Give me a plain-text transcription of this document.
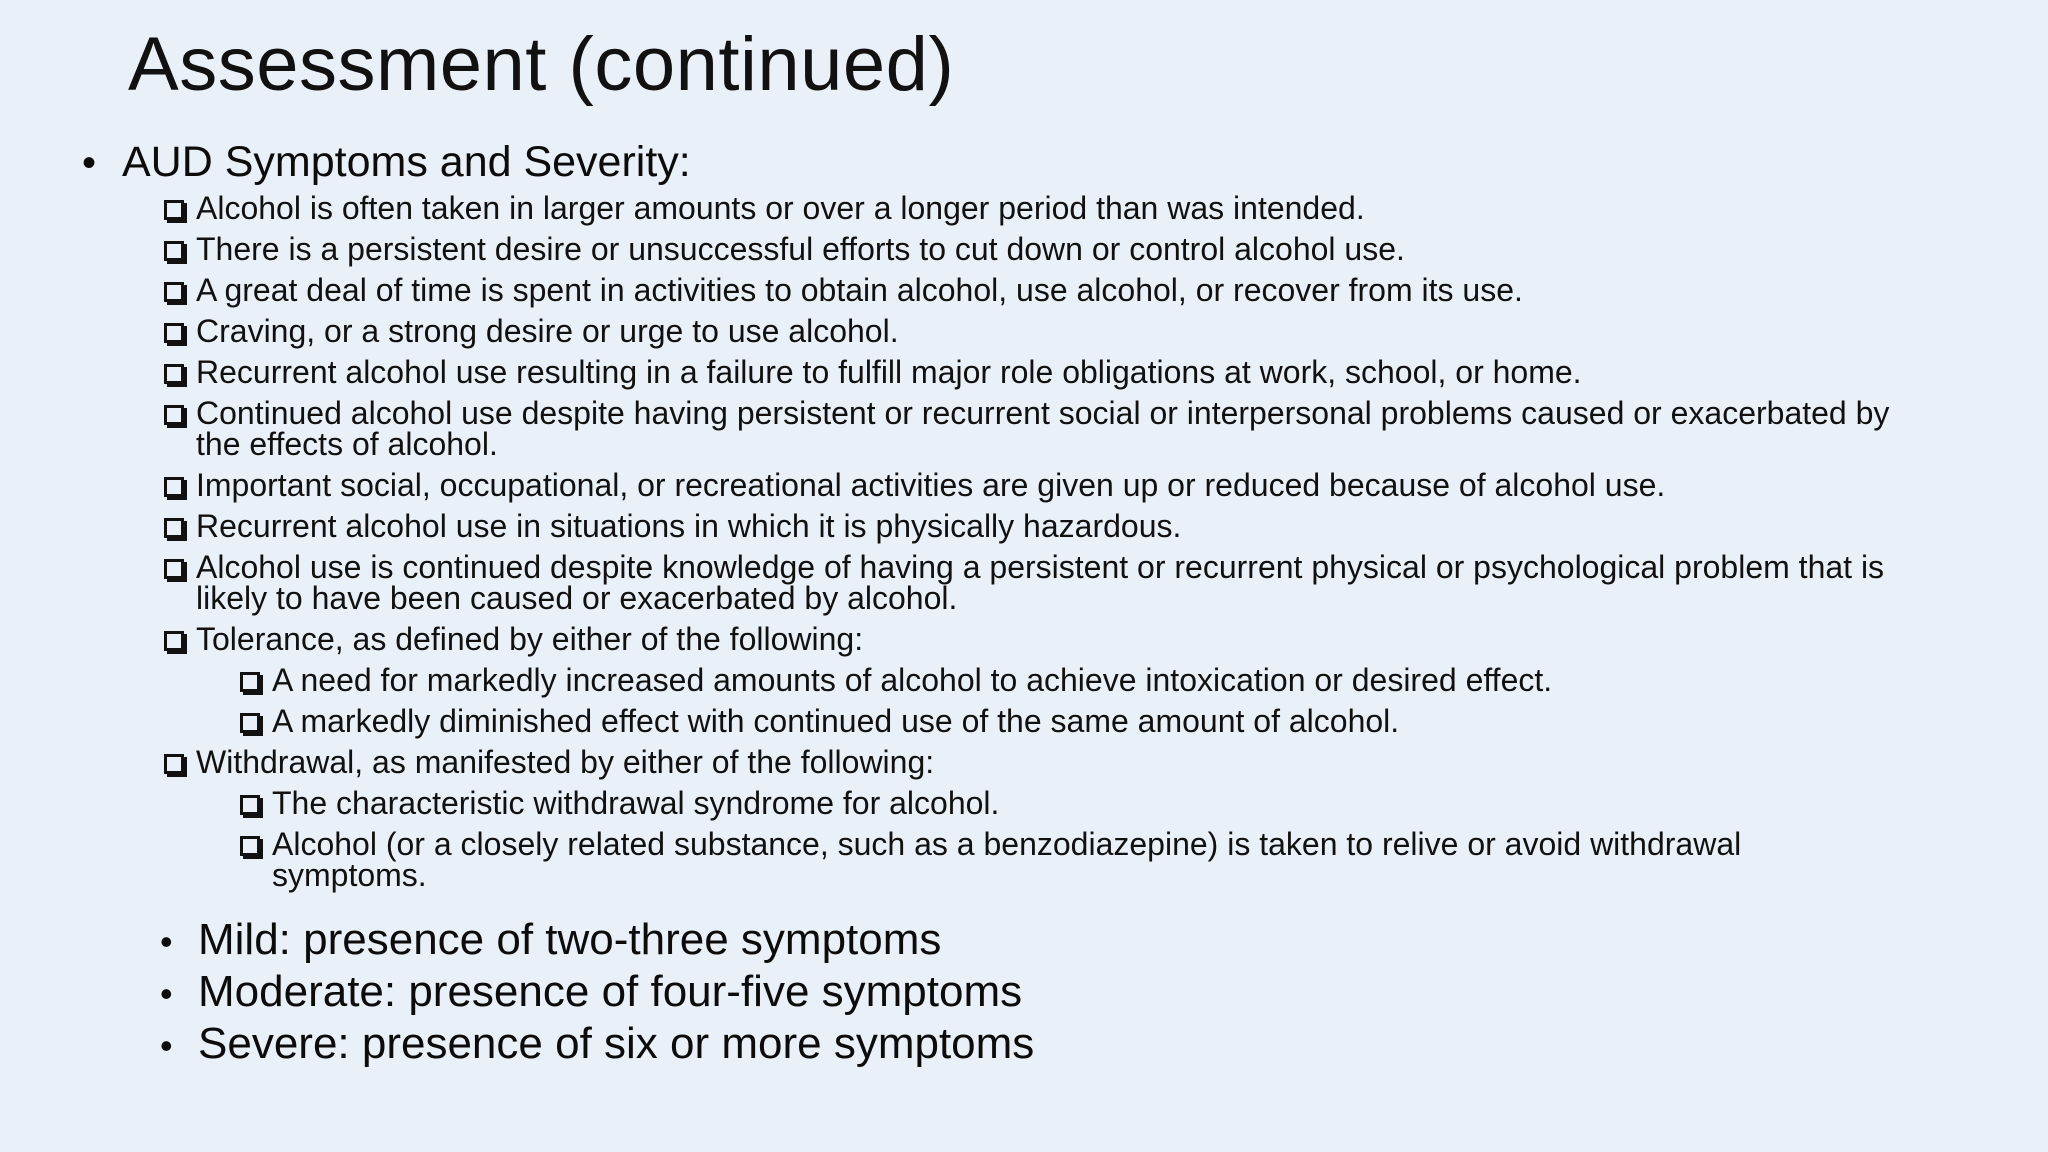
Assessment (continued)
• AUD Symptoms and Severity:
Alcohol is often taken in larger amounts or over a longer period than was intended.
There is a persistent desire or unsuccessful efforts to cut down or control alcohol use.
A great deal of time is spent in activities to obtain alcohol, use alcohol, or recover from its use.
Craving, or a strong desire or urge to use alcohol.
Recurrent alcohol use resulting in a failure to fulfill major role obligations at work, school, or home.
Continued alcohol use despite having persistent or recurrent social or interpersonal problems caused or exacerbated by the effects of alcohol.
Important social, occupational, or recreational activities are given up or reduced because of alcohol use.
Recurrent alcohol use in situations in which it is physically hazardous.
Alcohol use is continued despite knowledge of having a persistent or recurrent physical or psychological problem that is likely to have been caused or exacerbated by alcohol.
Tolerance, as defined by either of the following:
A need for markedly increased amounts of alcohol to achieve intoxication or desired effect.
A markedly diminished effect with continued use of the same amount of alcohol.
Withdrawal, as manifested by either of the following:
The characteristic withdrawal syndrome for alcohol.
Alcohol (or a closely related substance, such as a benzodiazepine) is taken to relive or avoid withdrawal symptoms.
• Mild: presence of two-three symptoms
• Moderate: presence of four-five symptoms
• Severe: presence of six or more symptoms
